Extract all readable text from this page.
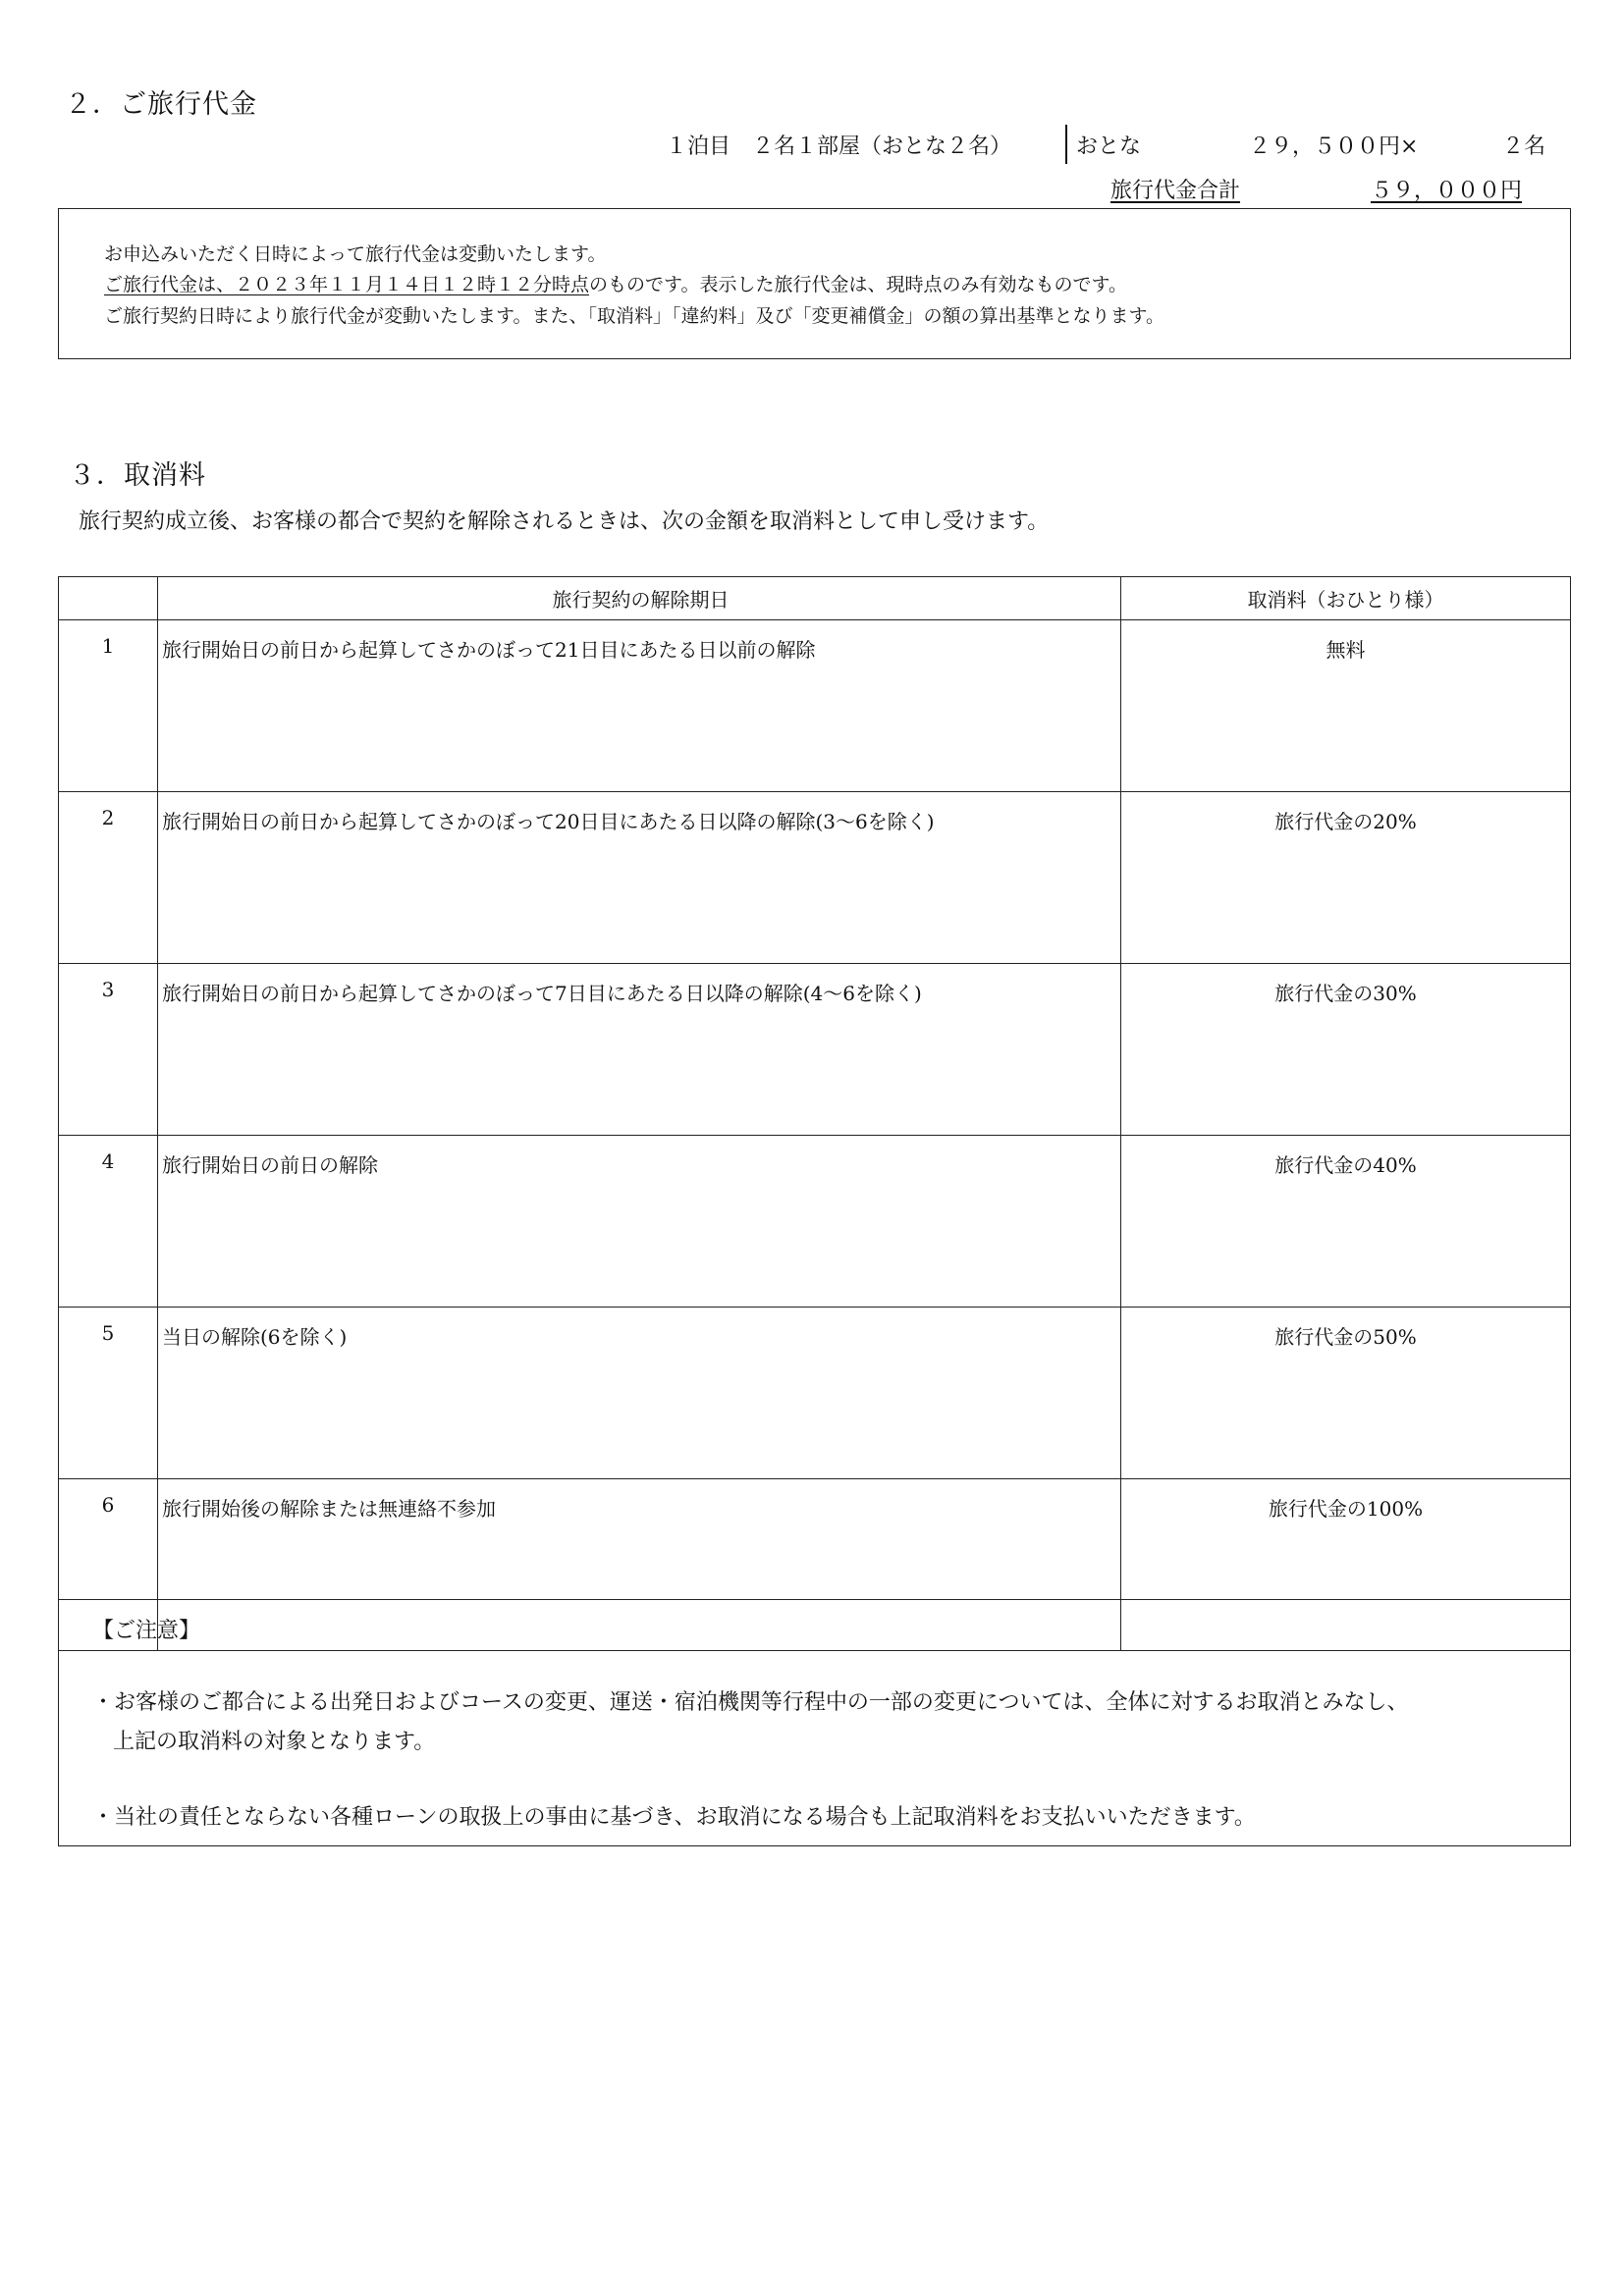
２．ご旅行代金
１泊目　２名１部屋（おとな２名）	おとな	２９，５００円×	２名
旅行代金合計	５９，０００円
お申込みいただく日時によって旅行代金は変動いたします。
ご旅行代金は、２０２３年１１月１４日１２時１２分時点のものです。表示した旅行代金は、現時点のみ有効なものです。
ご旅行契約日時により旅行代金が変動いたします。また、「取消料」「違約料」及び「変更補償金」の額の算出基準となります。
３．取消料
旅行契約成立後、お客様の都合で契約を解除されるときは、次の金額を取消料として申し受けます。
	旅行契約の解除期日	取消料（おひとり様）
1	旅行開始日の前日から起算してさかのぼって21日目にあたる日以前の解除	無料
2	旅行開始日の前日から起算してさかのぼって20日目にあたる日以降の解除(3～6を除く)	旅行代金の20%
3	旅行開始日の前日から起算してさかのぼって7日目にあたる日以降の解除(4～6を除く)	旅行代金の30%
4	旅行開始日の前日の解除	旅行代金の40%
5	当日の解除(6を除く)	旅行代金の50%
6	旅行開始後の解除または無連絡不参加	旅行代金の100%
【ご注意】
・お客様のご都合による出発日およびコースの変更、運送・宿泊機関等行程中の一部の変更については、全体に対するお取消とみなし、
上記の取消料の対象となります。
・当社の責任とならない各種ローンの取扱上の事由に基づき、お取消になる場合も上記取消料をお支払いいただきます。
